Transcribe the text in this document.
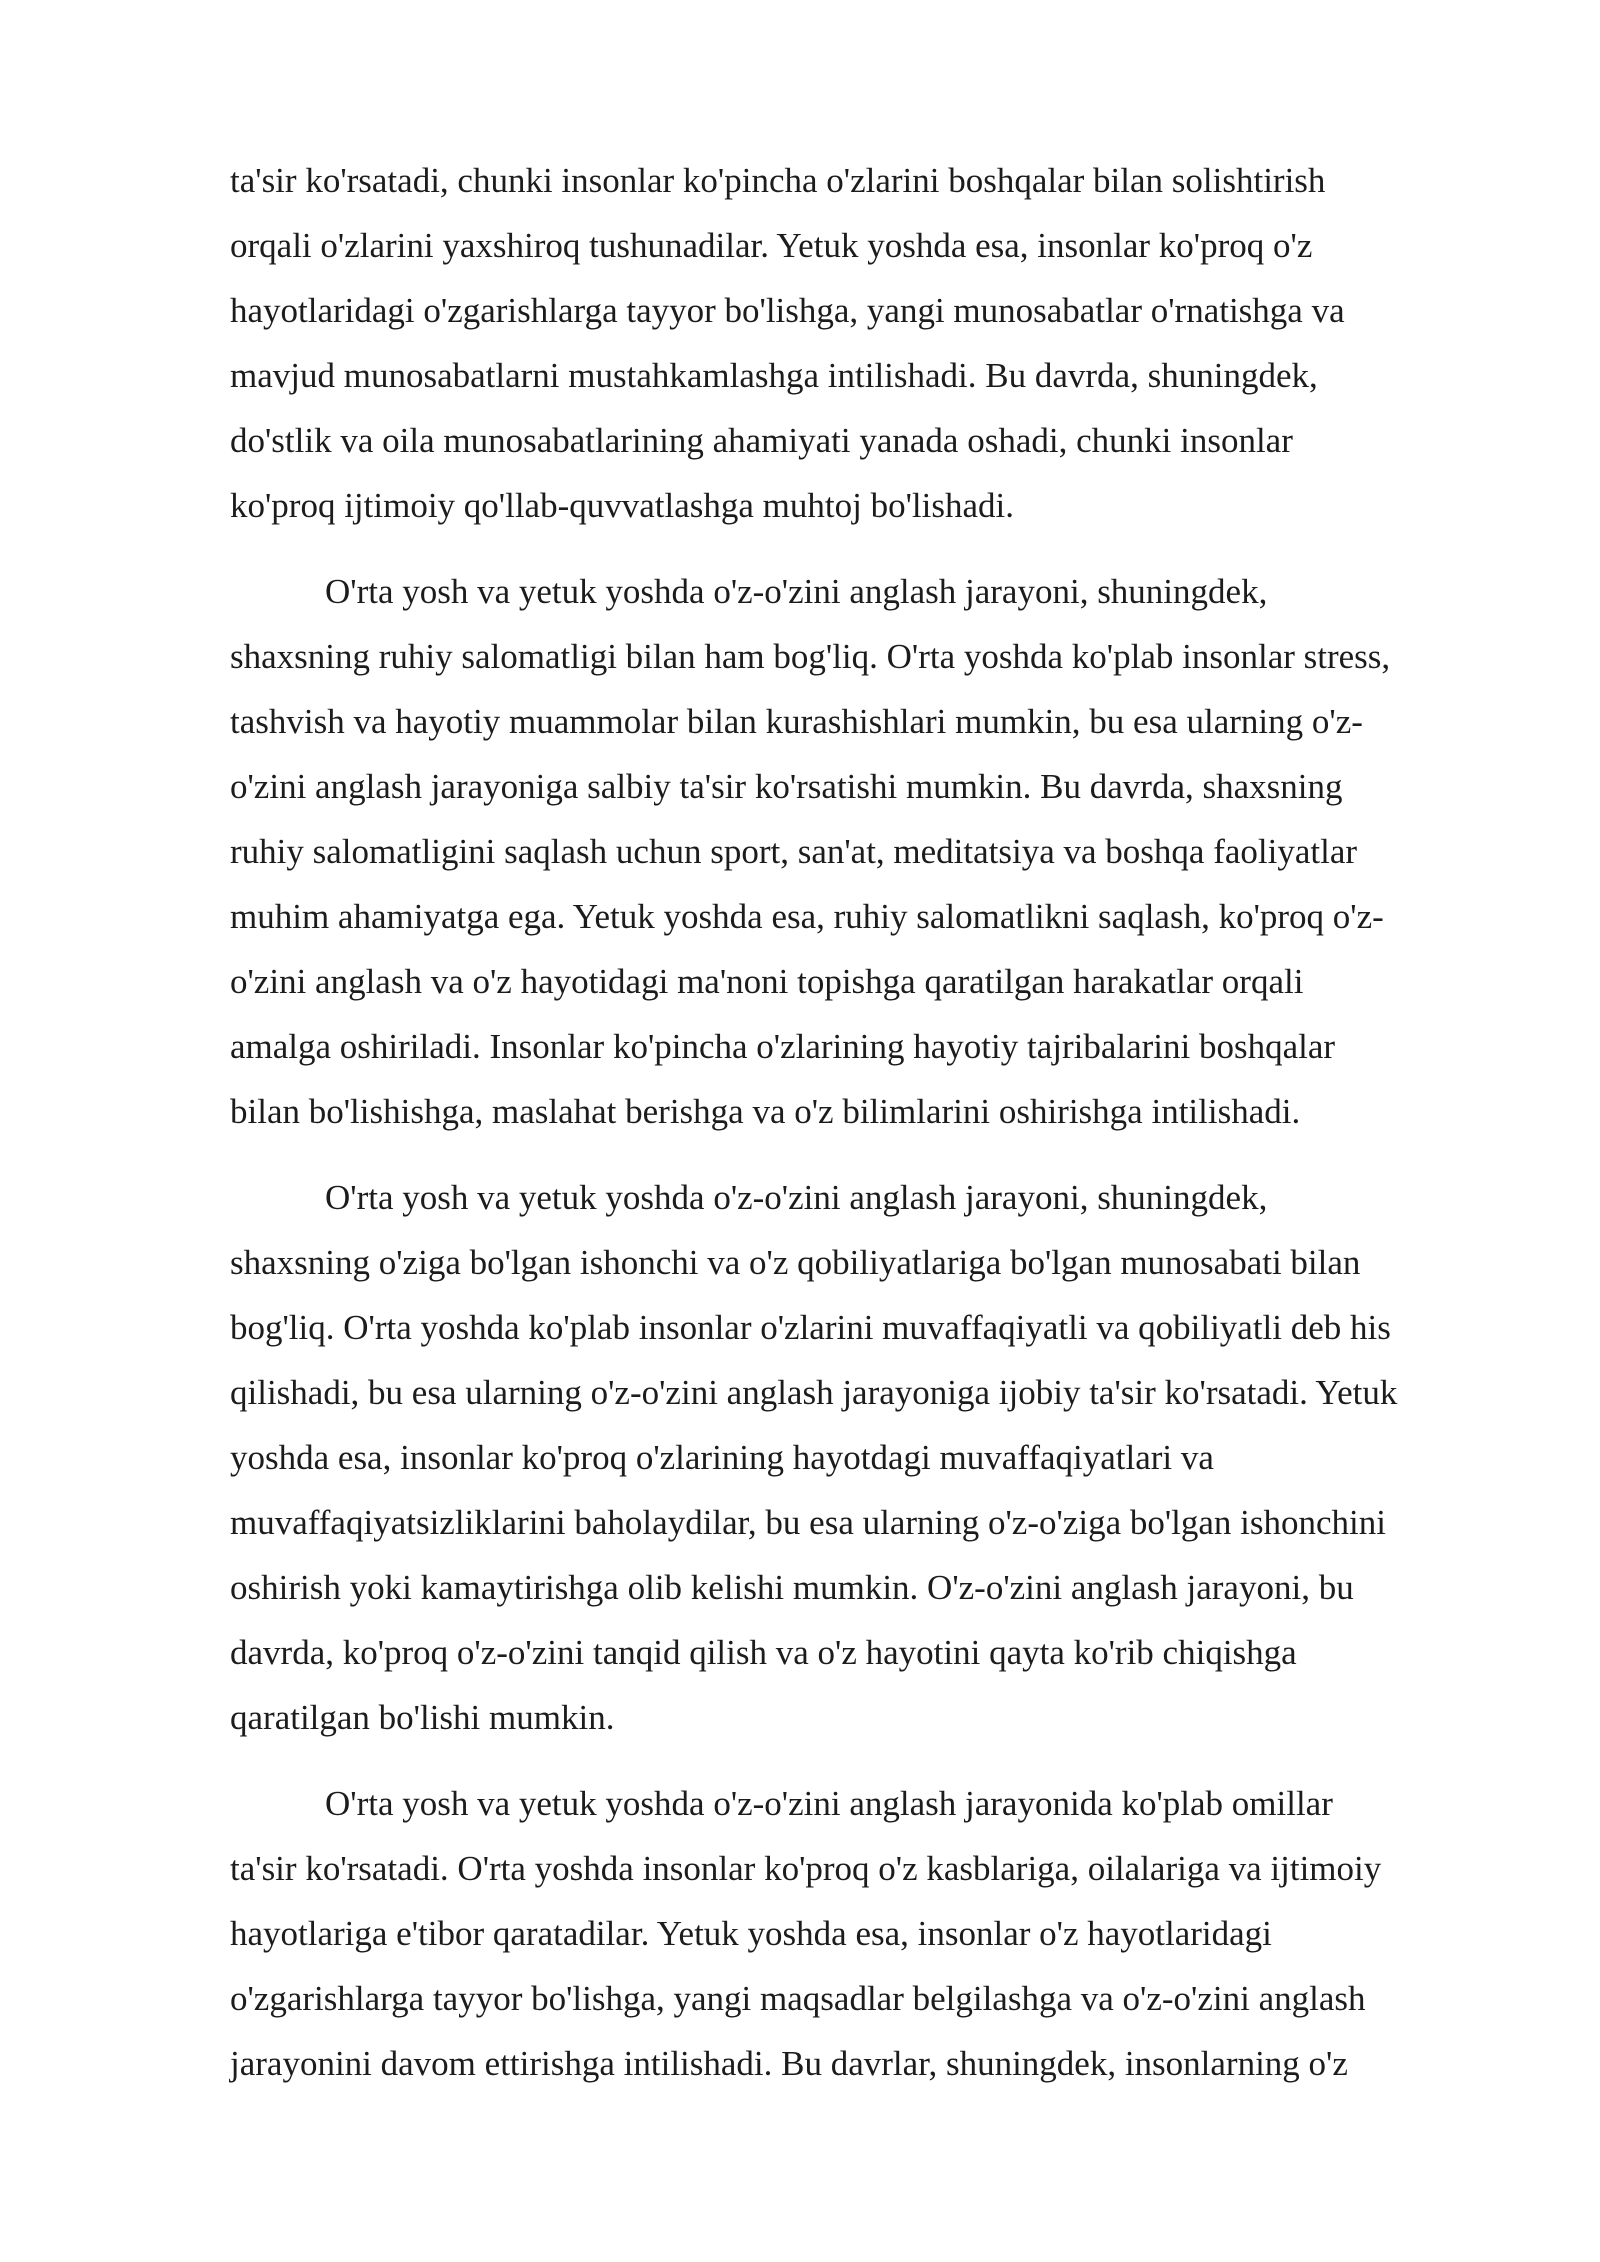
ta'sir ko'rsatadi, chunki insonlar ko'pincha o'zlarini boshqalar bilan solishtirish
orqali o'zlarini yaxshiroq tushunadilar. Yetuk yoshda esa, insonlar ko'proq o'z
hayotlaridagi o'zgarishlarga tayyor bo'lishga, yangi munosabatlar o'rnatishga va
mavjud munosabatlarni mustahkamlashga intilishadi. Bu davrda, shuningdek,
do'stlik va oila munosabatlarining ahamiyati yanada oshadi, chunki insonlar
ko'proq ijtimoiy qo'llab-quvvatlashga muhtoj bo'lishadi.
O'rta yosh va yetuk yoshda o'z-o'zini anglash jarayoni, shuningdek,
shaxsning ruhiy salomatligi bilan ham bog'liq. O'rta yoshda ko'plab insonlar stress,
tashvish va hayotiy muammolar bilan kurashishlari mumkin, bu esa ularning o'z-
o'zini anglash jarayoniga salbiy ta'sir ko'rsatishi mumkin. Bu davrda, shaxsning
ruhiy salomatligini saqlash uchun sport, san'at, meditatsiya va boshqa faoliyatlar
muhim ahamiyatga ega. Yetuk yoshda esa, ruhiy salomatlikni saqlash, ko'proq o'z-
o'zini anglash va o'z hayotidagi ma'noni topishga qaratilgan harakatlar orqali
amalga oshiriladi. Insonlar ko'pincha o'zlarining hayotiy tajribalarini boshqalar
bilan bo'lishishga, maslahat berishga va o'z bilimlarini oshirishga intilishadi.
O'rta yosh va yetuk yoshda o'z-o'zini anglash jarayoni, shuningdek,
shaxsning o'ziga bo'lgan ishonchi va o'z qobiliyatlariga bo'lgan munosabati bilan
bog'liq. O'rta yoshda ko'plab insonlar o'zlarini muvaffaqiyatli va qobiliyatli deb his
qilishadi, bu esa ularning o'z-o'zini anglash jarayoniga ijobiy ta'sir ko'rsatadi. Yetuk
yoshda esa, insonlar ko'proq o'zlarining hayotdagi muvaffaqiyatlari va
muvaffaqiyatsizliklarini baholaydilar, bu esa ularning o'z-o'ziga bo'lgan ishonchini
oshirish yoki kamaytirishga olib kelishi mumkin. O'z-o'zini anglash jarayoni, bu
davrda, ko'proq o'z-o'zini tanqid qilish va o'z hayotini qayta ko'rib chiqishga
qaratilgan bo'lishi mumkin.
O'rta yosh va yetuk yoshda o'z-o'zini anglash jarayonida ko'plab omillar
ta'sir ko'rsatadi. O'rta yoshda insonlar ko'proq o'z kasblariga, oilalariga va ijtimoiy
hayotlariga e'tibor qaratadilar. Yetuk yoshda esa, insonlar o'z hayotlaridagi
o'zgarishlarga tayyor bo'lishga, yangi maqsadlar belgilashga va o'z-o'zini anglash
jarayonini davom ettirishga intilishadi. Bu davrlar, shuningdek, insonlarning o'z
